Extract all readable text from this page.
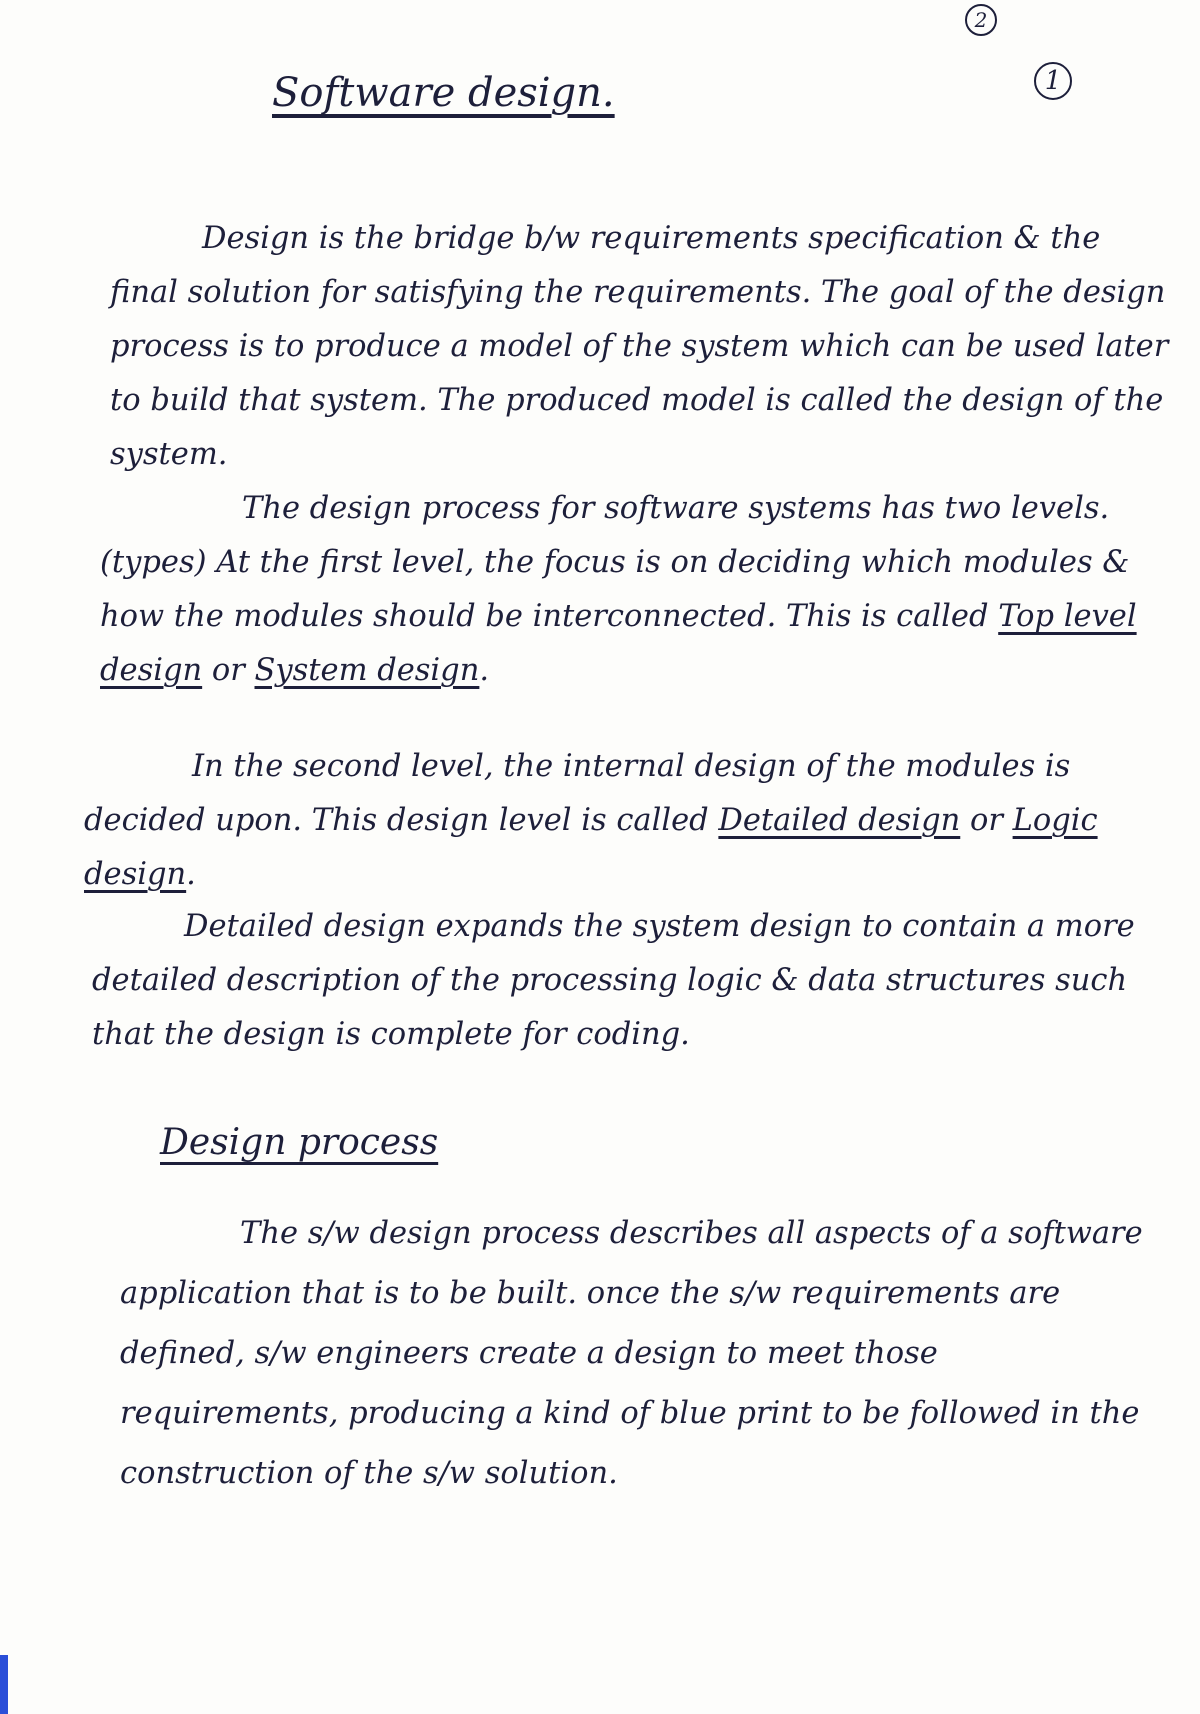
2
1
Software design.

Design is the bridge b/w requirements specification & the final solution for satisfying the requirements. The goal of the design process is to produce a model of the system which can be used later to build that system. The produced model is called the design of the system.

The design process for software systems has two levels. (types) At the first level, the focus is on deciding which modules & how the modules should be interconnected. This is called Top level design or System design.

In the second level, the internal design of the modules is decided upon. This design level is called Detailed design or Logic design.

Detailed design expands the system design to contain a more detailed description of the processing logic & data structures such that the design is complete for coding.

Design process

The s/w design process describes all aspects of a software application that is to be built. once the s/w requirements are defined, s/w engineers create a design to meet those requirements, producing a kind of blue print to be followed in the construction of the s/w solution.
